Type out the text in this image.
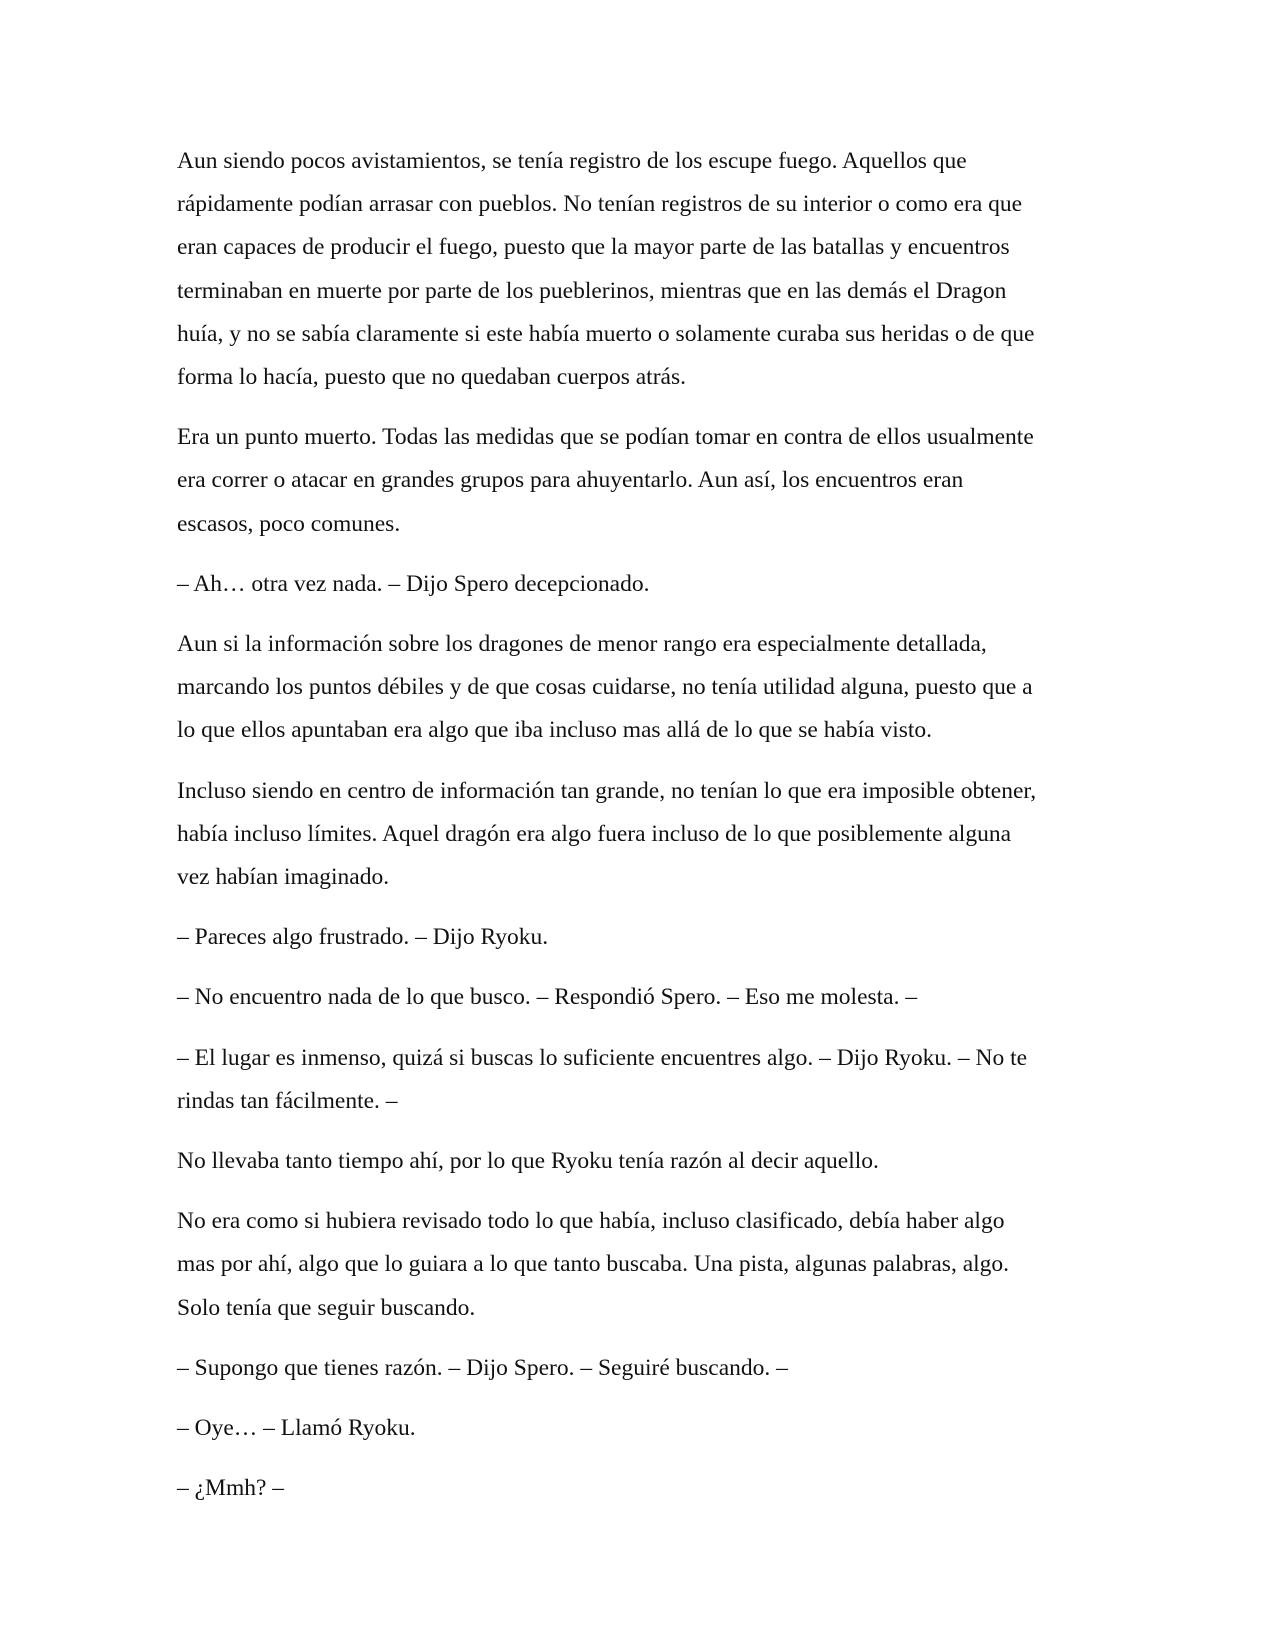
Aun siendo pocos avistamientos, se tenía registro de los escupe fuego. Aquellos que
rápidamente podían arrasar con pueblos. No tenían registros de su interior o como era que
eran capaces de producir el fuego, puesto que la mayor parte de las batallas y encuentros
terminaban en muerte por parte de los pueblerinos, mientras que en las demás el Dragon
huía, y no se sabía claramente si este había muerto o solamente curaba sus heridas o de que
forma lo hacía, puesto que no quedaban cuerpos atrás.

Era un punto muerto. Todas las medidas que se podían tomar en contra de ellos usualmente
era correr o atacar en grandes grupos para ahuyentarlo. Aun así, los encuentros eran
escasos, poco comunes.

– Ah… otra vez nada. – Dijo Spero decepcionado.

Aun si la información sobre los dragones de menor rango era especialmente detallada,
marcando los puntos débiles y de que cosas cuidarse, no tenía utilidad alguna, puesto que a
lo que ellos apuntaban era algo que iba incluso mas allá de lo que se había visto.

Incluso siendo en centro de información tan grande, no tenían lo que era imposible obtener,
había incluso límites. Aquel dragón era algo fuera incluso de lo que posiblemente alguna
vez habían imaginado.

– Pareces algo frustrado. – Dijo Ryoku.

– No encuentro nada de lo que busco. – Respondió Spero. – Eso me molesta. –

– El lugar es inmenso, quizá si buscas lo suficiente encuentres algo. – Dijo Ryoku. – No te
rindas tan fácilmente. –

No llevaba tanto tiempo ahí, por lo que Ryoku tenía razón al decir aquello.

No era como si hubiera revisado todo lo que había, incluso clasificado, debía haber algo
mas por ahí, algo que lo guiara a lo que tanto buscaba. Una pista, algunas palabras, algo.
Solo tenía que seguir buscando.

– Supongo que tienes razón. – Dijo Spero. – Seguiré buscando. –

– Oye… – Llamó Ryoku.

– ¿Mmh? –
